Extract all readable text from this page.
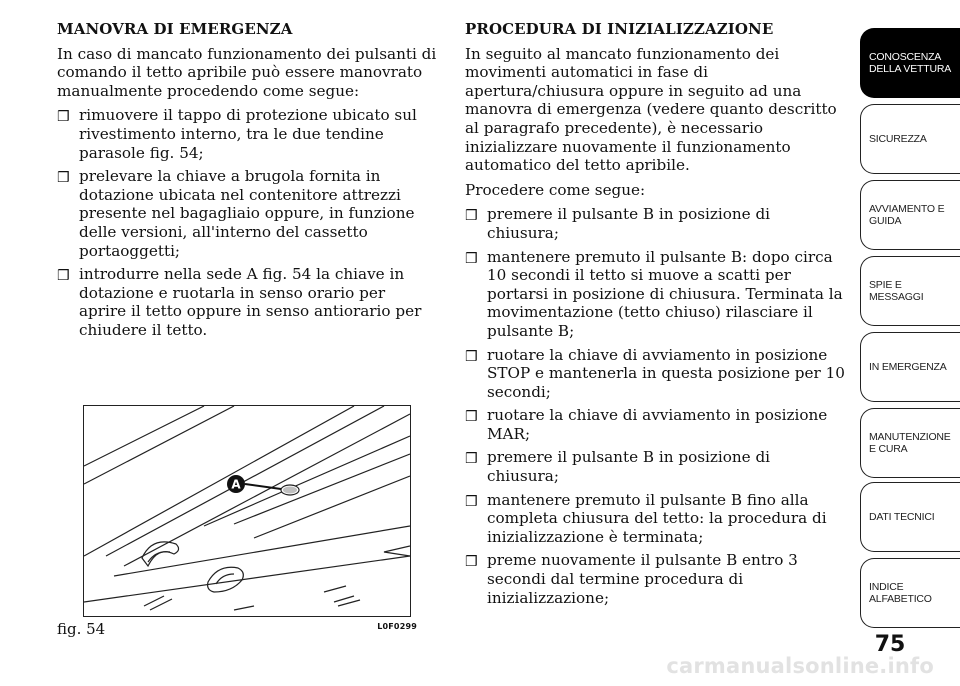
MANOVRA DI EMERGENZA

In caso di mancato funzionamento dei pulsanti di comando il tetto apribile può essere manovrato manualmente procedendo come segue:

❒ rimuovere il tappo di protezione ubicato sul rivestimento interno, tra le due tendine parasole fig. 54;
❒ prelevare la chiave a brugola fornita in dotazione ubicata nel contenitore attrezzi presente nel bagagliaio oppure, in funzione delle versioni, all'interno del cassetto portaoggetti;
❒ introdurre nella sede A fig. 54 la chiave in dotazione e ruotarla in senso orario per aprire il tetto oppure in senso antiorario per chiudere il tetto.
A
fig. 54	L0F0299
PROCEDURA DI INIZIALIZZAZIONE

In seguito al mancato funzionamento dei movimenti automatici in fase di apertura/chiusura oppure in seguito ad una manovra di emergenza (vedere quanto descritto al paragrafo precedente), è necessario inizializzare nuovamente il funzionamento automatico del tetto apribile.

Procedere come segue:

❒ premere il pulsante B in posizione di chiusura;
❒ mantenere premuto il pulsante B: dopo circa 10 secondi il tetto si muove a scatti per portarsi in posizione di chiusura. Terminata la movimentazione (tetto chiuso) rilasciare il pulsante B;
❒ ruotare la chiave di avviamento in posizione STOP e mantenerla in questa posizione per 10 secondi;
❒ ruotare la chiave di avviamento in posizione MAR;
❒ premere il pulsante B in posizione di chiusura;
❒ mantenere premuto il pulsante B fino alla completa chiusura del tetto: la procedura di inizializzazione è terminata;
❒ preme nuovamente il pulsante B entro 3 secondi dal termine procedura di inizializzazione;
CONOSCENZA DELLA VETTURA
SICUREZZA
AVVIAMENTO E GUIDA
SPIE E MESSAGGI
IN EMERGENZA
MANUTENZIONE E CURA
DATI TECNICI
INDICE ALFABETICO
75
carmanualsonline.info
